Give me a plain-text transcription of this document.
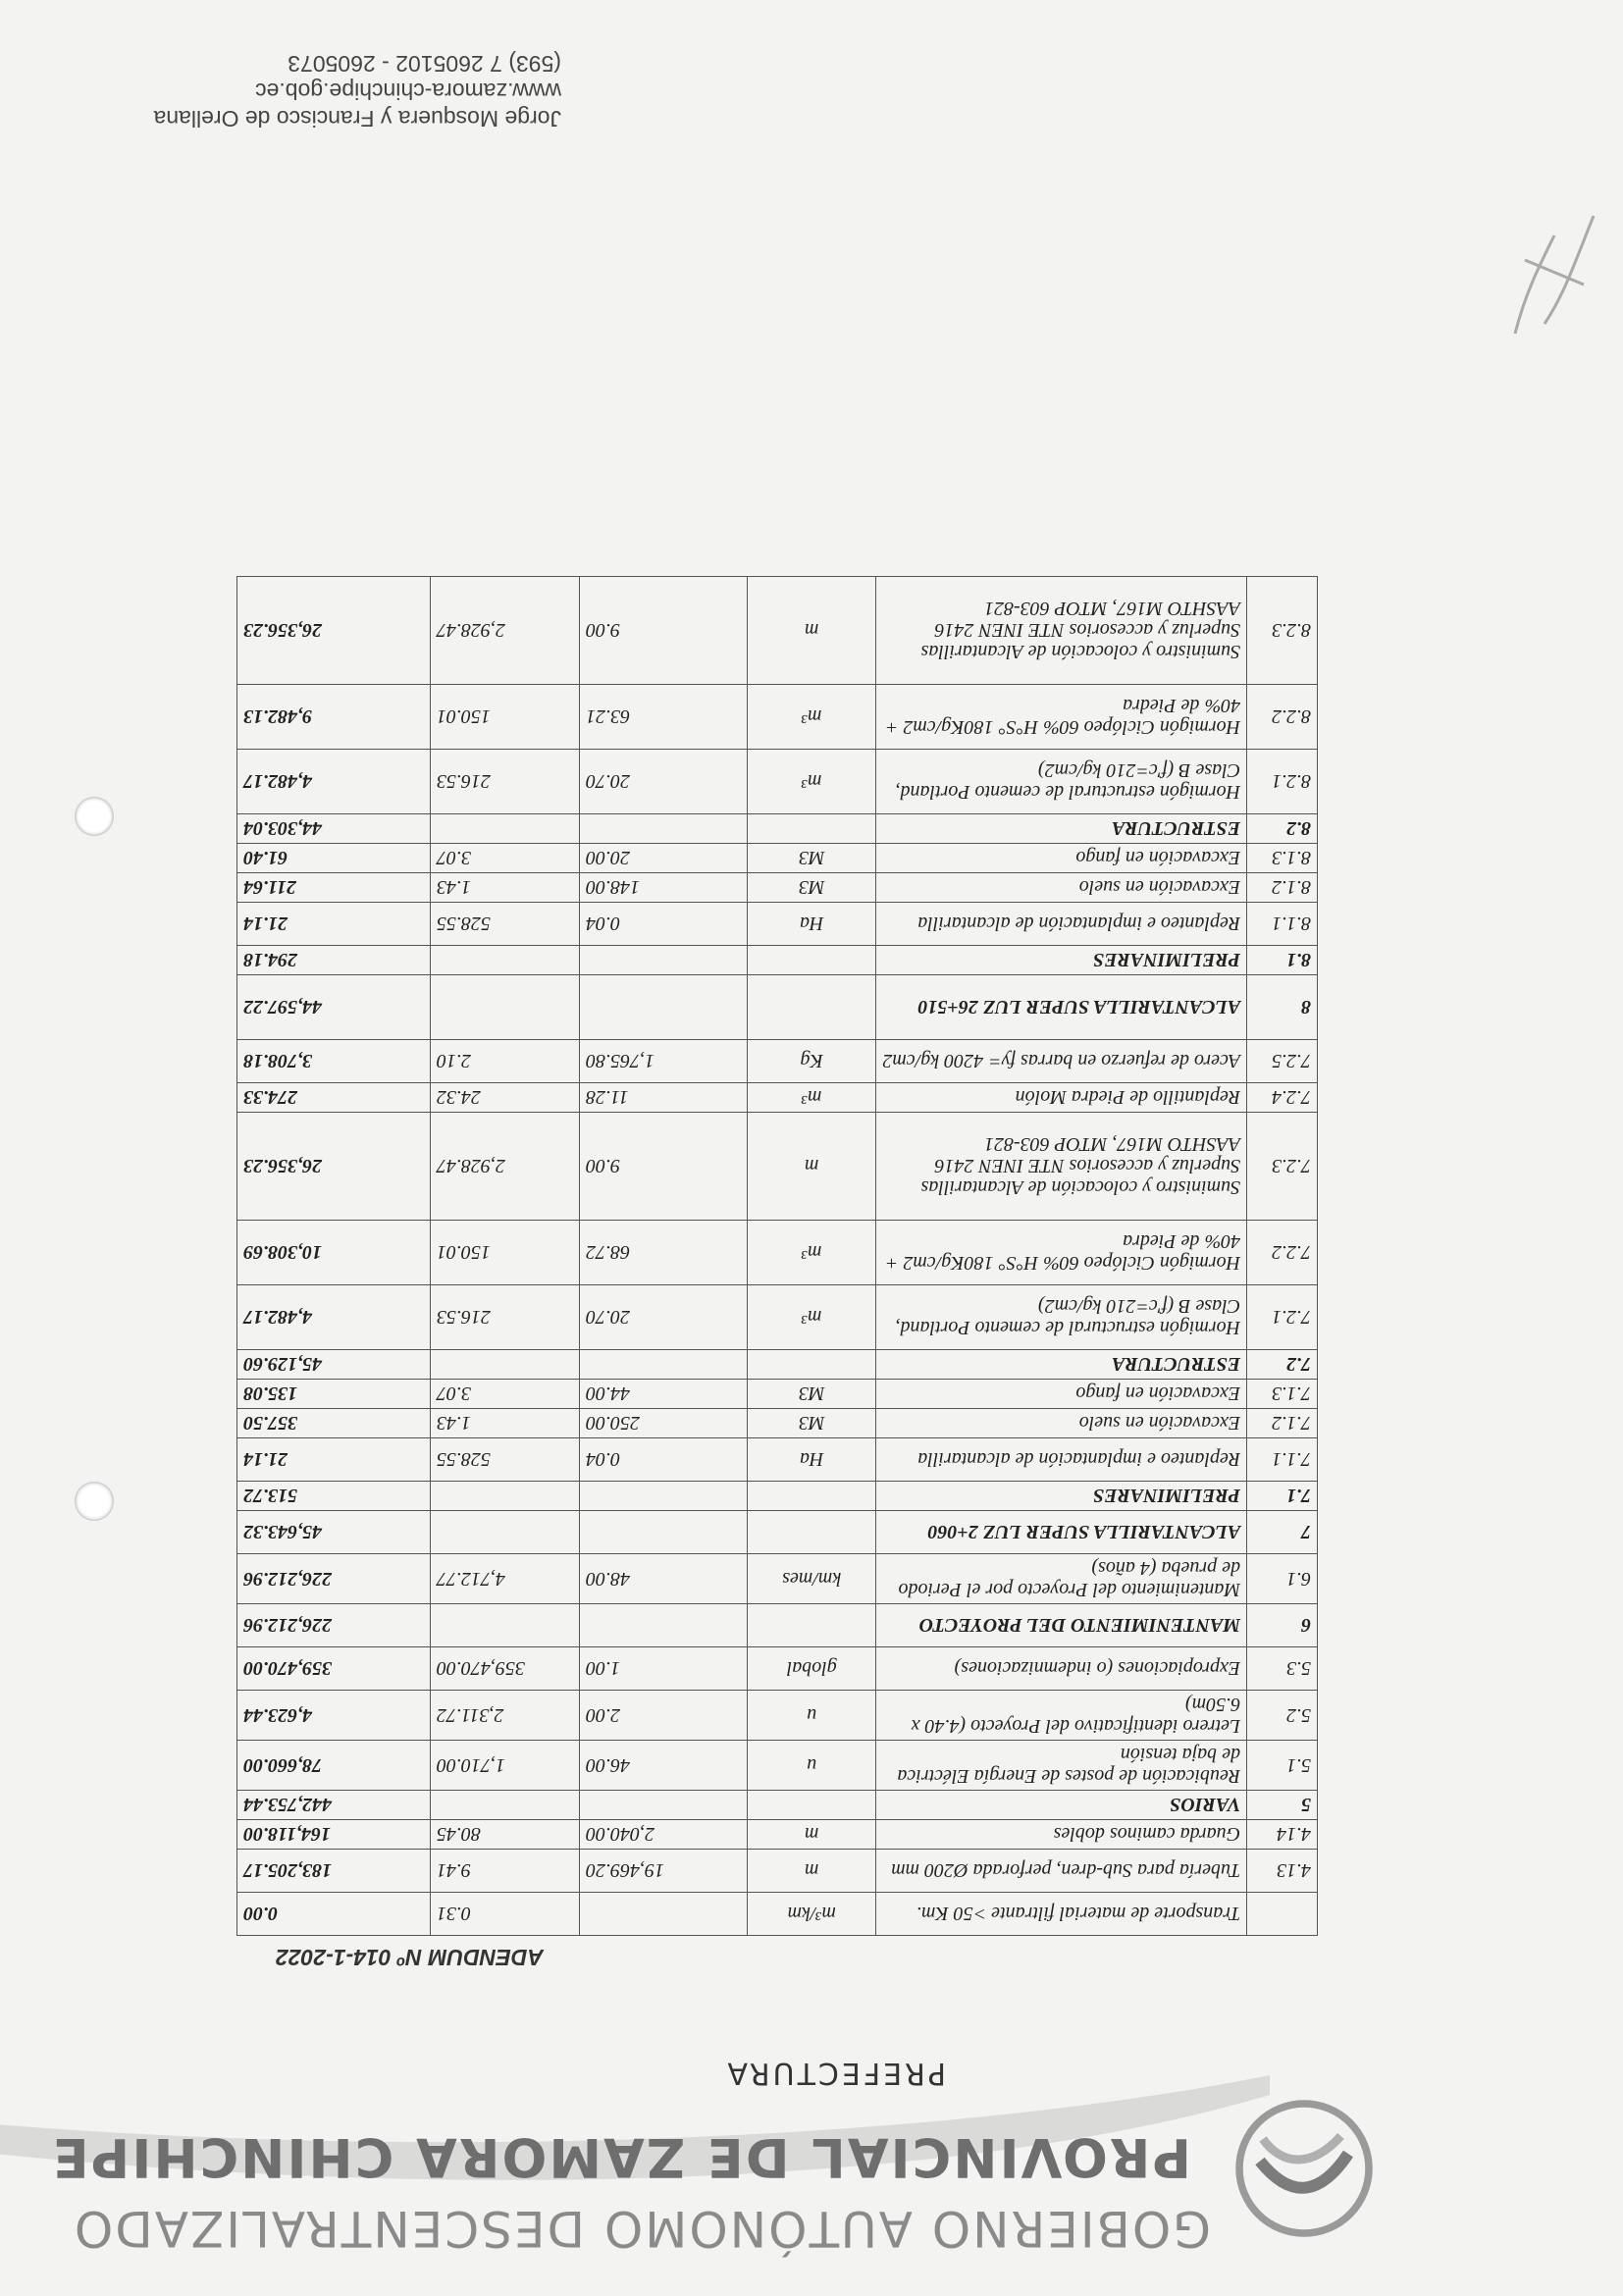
GOBIERNO AUTÓNOMO DESCENTRALIZADO
PROVINCIAL DE ZAMORA CHINCHIPE
PREFECTURA
ADENDUM Nº 014-1-2022
	Transporte de material filtrante >50 Km.	m³/km		0.31	0.00
4.13	Tubería para Sub-dren, perforada Ø200 mm	m	19,469.20	9.41	183,205.17
4.14	Guarda caminos dobles	m	2,040.00	80.45	164,118.00
5	VARIOS				442,753.44
5.1	Reubicación de postes de Energía Eléctrica de baja tensión	u	46.00	1,710.00	78,660.00
5.2	Letrero identificativo del Proyecto (4.40 x 6.50m)	u	2.00	2,311.72	4,623.44
5.3	Expropiaciones (o indemnizaciones)	global	1.00	359,470.00	359,470.00
6	MANTENIMIENTO DEL PROYECTO				226,212.96
6.1	Mantenimiento del Proyecto por el Periodo de prueba (4 años)	km/mes	48.00	4,712.77	226,212.96
7	ALCANTARILLA SUPER LUZ 2+060				45,643.32
7.1	PRELIMINARES				513.72
7.1.1	Replanteo e implantación de alcantarilla	Ha	0.04	528.55	21.14
7.1.2	Excavación en suelo	M3	250.00	1.43	357.50
7.1.3	Excavación en fango	M3	44.00	3.07	135.08
7.2	ESTRUCTURA				45,129.60
7.2.1	Hormigón estructural de cemento Portland, Clase B (f'c=210 kg/cm2)	m³	20.70	216.53	4,482.17
7.2.2	Hormigón Ciclópeo 60% H°S° 180Kg/cm2 + 40% de Piedra	m³	68.72	150.01	10,308.69
7.2.3	Suministro y colocación de Alcantarillas Superluz y accesorios NTE INEN 2416 AASHTO M167, MTOP 603-821	m	9.00	2,928.47	26,356.23
7.2.4	Replantillo de Piedra Molón	m³	11.28	24.32	274.33
7.2.5	Acero de refuerzo en barras fy= 4200 kg/cm2	Kg	1,765.80	2.10	3,708.18
8	ALCANTARILLA SUPER LUZ 26+510				44,597.22
8.1	PRELIMINARES				294.18
8.1.1	Replanteo e implantación de alcantarilla	Ha	0.04	528.55	21.14
8.1.2	Excavación en suelo	M3	148.00	1.43	211.64
8.1.3	Excavación en fango	M3	20.00	3.07	61.40
8.2	ESTRUCTURA				44,303.04
8.2.1	Hormigón estructural de cemento Portland, Clase B (f'c=210 kg/cm2)	m³	20.70	216.53	4,482.17
8.2.2	Hormigón Ciclópeo 60% H°S° 180Kg/cm2 + 40% de Piedra	m³	63.21	150.01	9,482.13
8.2.3	Suministro y colocación de Alcantarillas Superluz y accesorios NTE INEN 2416 AASHTO M167, MTOP 603-821	m	9.00	2,928.47	26,356.23
Jorge Mosquera y Francisco de Orellana
www.zamora-chinchipe.gob.ec
(593) 7 2605102 - 2605073
